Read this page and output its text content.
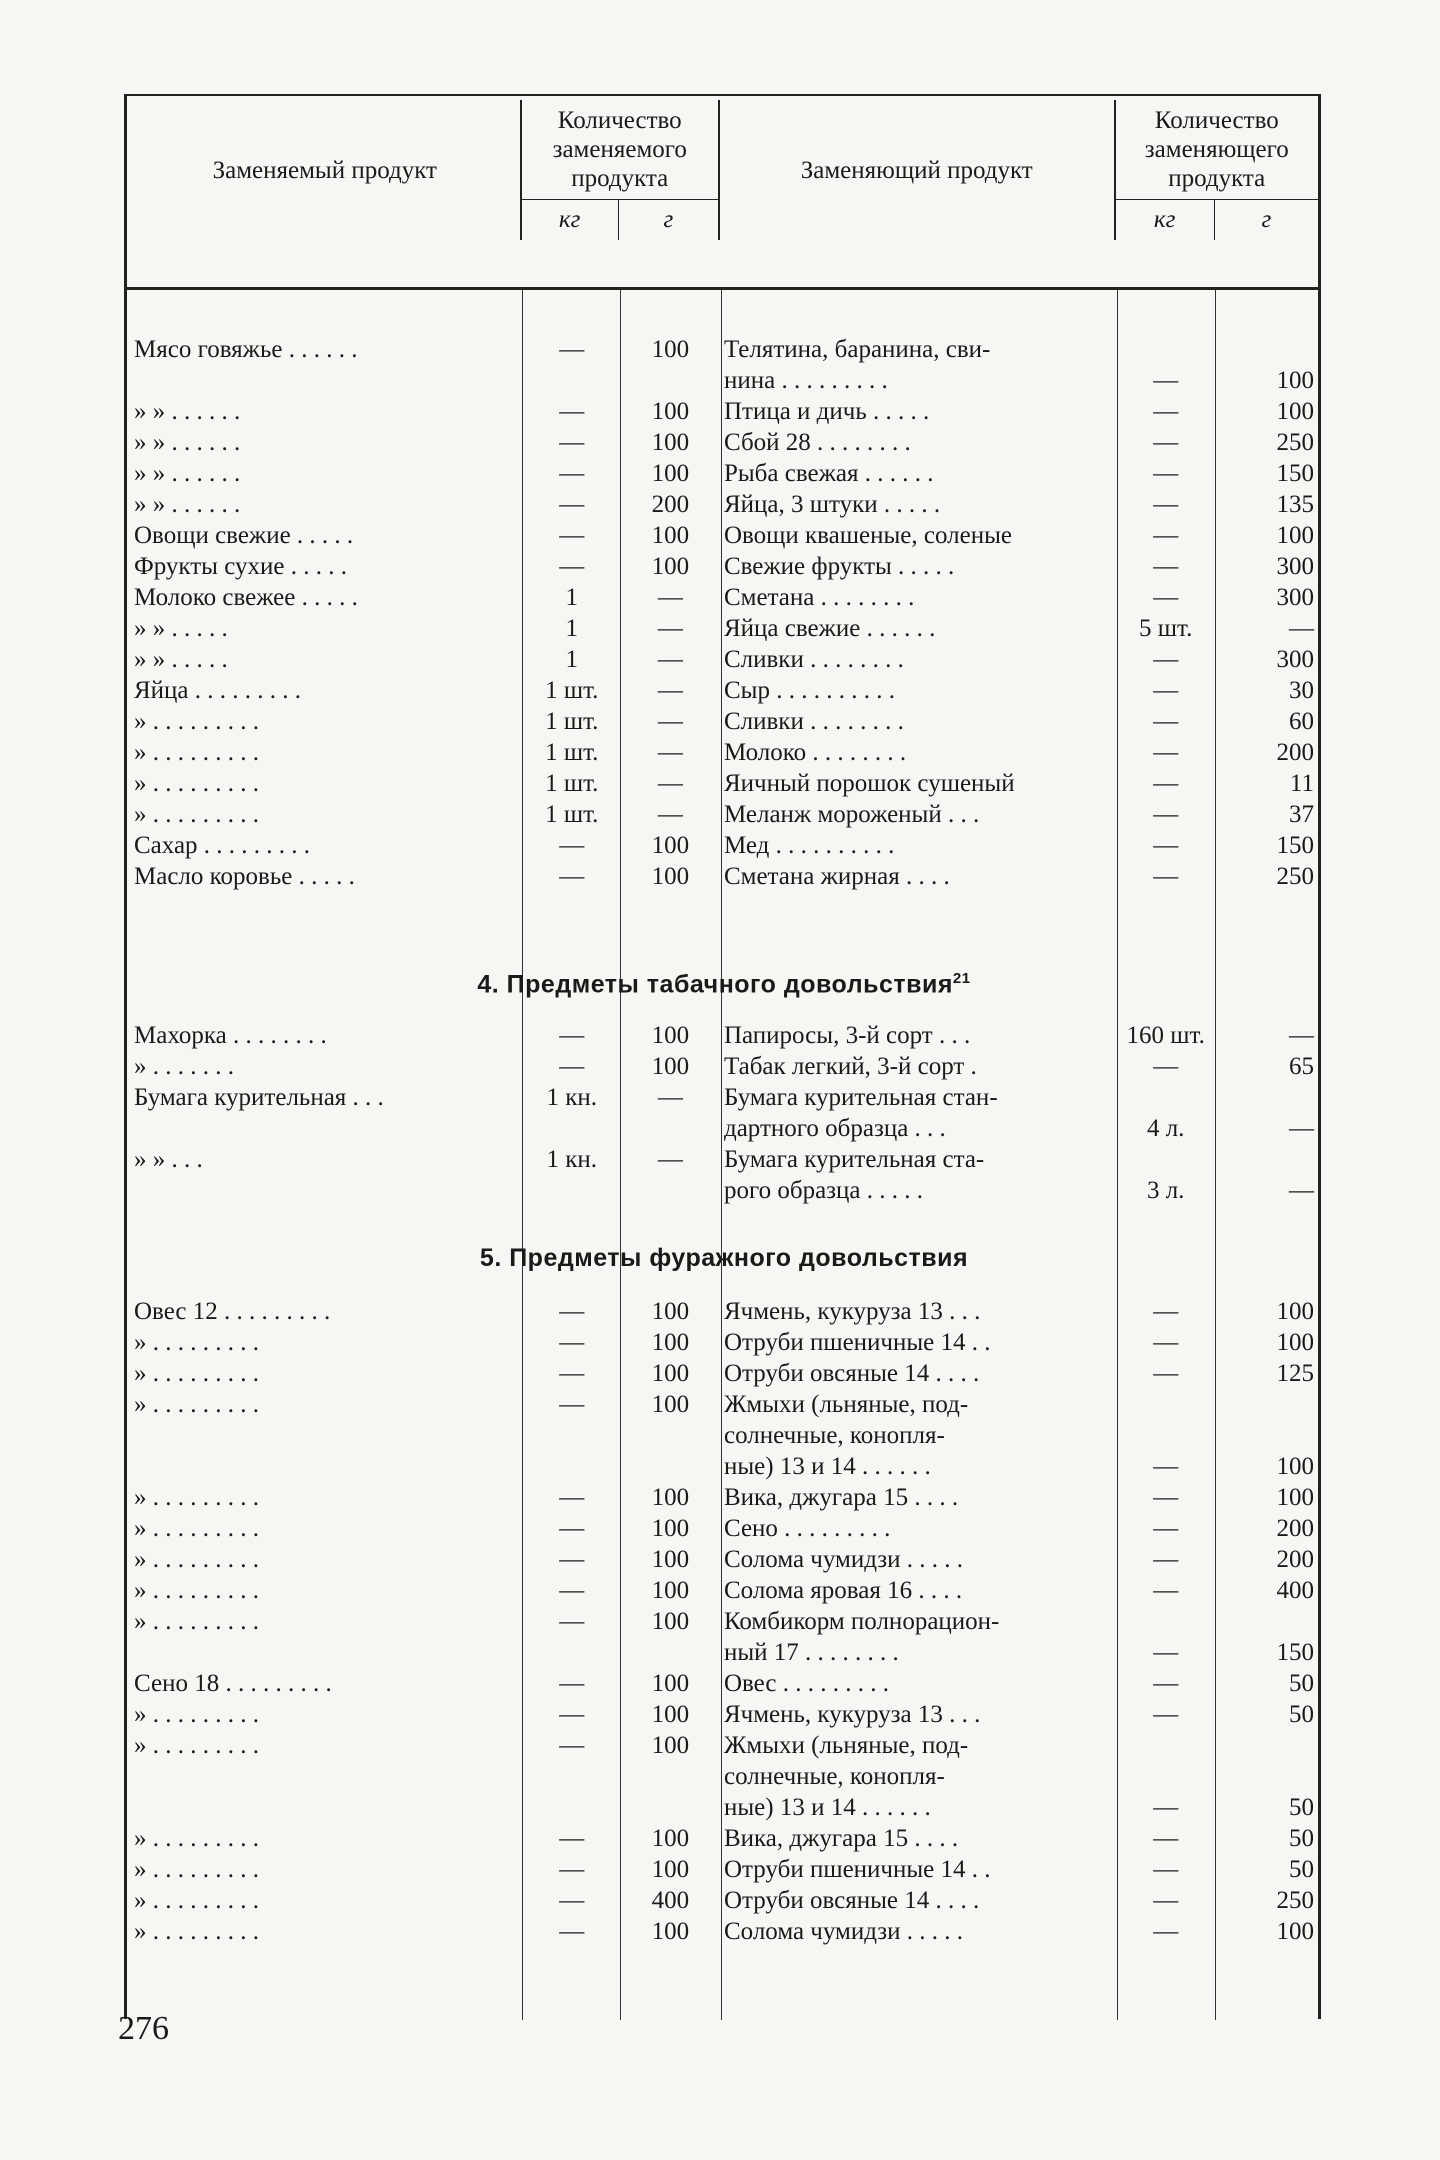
Заменяемый продукт	Количество заменяемого продукта		Заменяющий продукт	Количество заменяющего продукта	
	кг	г		кг	г
Мясо говяжье . . . . . .	—	100	Телятина, баранина, сви-		
			нина . . . . . . . . .	—	100
» » . . . . . .	—	100	Птица и дичь . . . . .	—	100
» » . . . . . .	—	100	Сбой 28 . . . . . . . .	—	250
» » . . . . . .	—	100	Рыба свежая . . . . . .	—	150
» » . . . . . .	—	200	Яйца, 3 штуки . . . . .	—	135
Овощи свежие . . . . .	—	100	Овощи квашеные, соленые	—	100
Фрукты сухие . . . . .	—	100	Свежие фрукты . . . . .	—	300
Молоко свежее . . . . .	1	—	Сметана . . . . . . . .	—	300
» » . . . . .	1	—	Яйца свежие . . . . . .	5 шт.	—
» » . . . . .	1	—	Сливки . . . . . . . .	—	300
Яйца . . . . . . . . .	1 шт.	—	Сыр . . . . . . . . . .	—	30
» . . . . . . . . .	1 шт.	—	Сливки . . . . . . . .	—	60
» . . . . . . . . .	1 шт.	—	Молоко . . . . . . . .	—	200
» . . . . . . . . .	1 шт.	—	Яичный порошок сушеный	—	11
» . . . . . . . . .	1 шт.	—	Меланж мороженый . . .	—	37
Сахар . . . . . . . . .	—	100	Мед . . . . . . . . . .	—	150
Масло коровье . . . . .	—	100	Сметана жирная . . . .	—	250
4. Предметы табачного довольствия$^{21}$
Махорка . . . . . . . .	—	100	Папиросы, 3-й сорт . . .	160 шт.	—
» . . . . . . .	—	100	Табак легкий, 3-й сорт .	—	65
Бумага курительная . . .	1 кн.	—	Бумага курительная стан-		
			дартного образца . . .	4 л.	—
» » . . .	1 кн.	—	Бумага курительная ста-		
			рого образца . . . . .	3 л.	—
5. Предметы фуражного довольствия
Овес 12 . . . . . . . . .	—	100	Ячмень, кукуруза 13 . . .	—	100
» . . . . . . . . .	—	100	Отруби пшеничные 14 . .	—	100
» . . . . . . . . .	—	100	Отруби овсяные 14 . . . .	—	125
» . . . . . . . . .	—	100	Жмыхи (льняные, под-		
			солнечные, конопля-		
			ные) 13 и 14 . . . . . .	—	100
» . . . . . . . . .	—	100	Вика, джугара 15 . . . .	—	100
» . . . . . . . . .	—	100	Сено . . . . . . . . .	—	200
» . . . . . . . . .	—	100	Солома чумидзи . . . . .	—	200
» . . . . . . . . .	—	100	Солома яровая 16 . . . .	—	400
» . . . . . . . . .	—	100	Комбикорм полнорацион-		
			ный 17 . . . . . . . .	—	150
Сено 18 . . . . . . . . .	—	100	Овес . . . . . . . . .	—	50
» . . . . . . . . .	—	100	Ячмень, кукуруза 13 . . .	—	50
» . . . . . . . . .	—	100	Жмыхи (льняные, под-		
			солнечные, конопля-		
			ные) 13 и 14 . . . . . .	—	50
» . . . . . . . . .	—	100	Вика, джугара 15 . . . .	—	50
» . . . . . . . . .	—	100	Отруби пшеничные 14 . .	—	50
» . . . . . . . . .	—	400	Отруби овсяные 14 . . . .	—	250
» . . . . . . . . .	—	100	Солома чумидзи . . . . .	—	100
276
